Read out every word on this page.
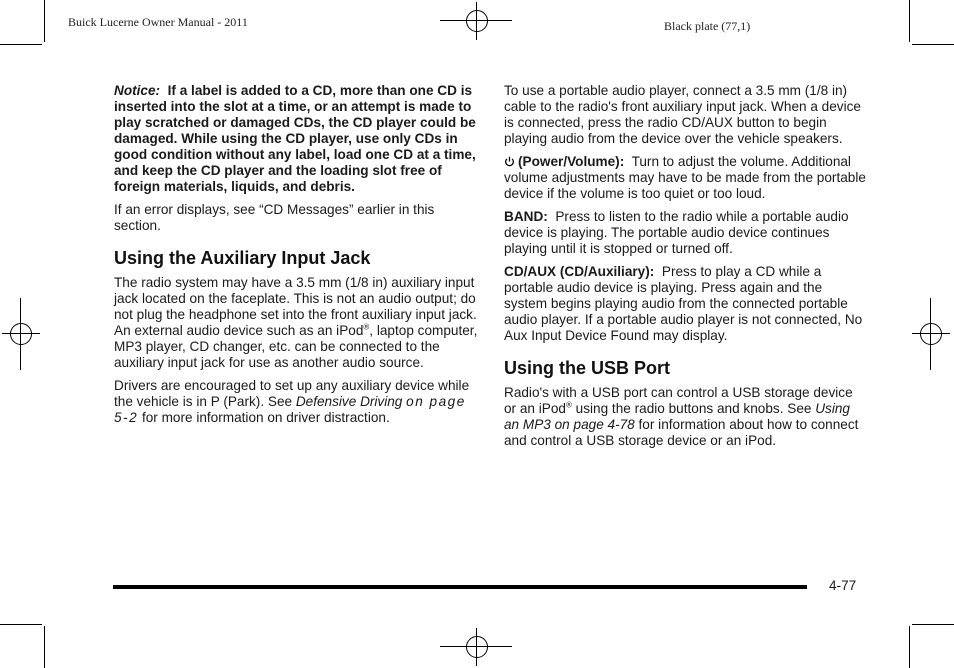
Buick Lucerne Owner Manual - 2011	Black plate (77,1)

Notice: If a label is added to a CD, more than one CD is inserted into the slot at a time, or an attempt is made to play scratched or damaged CDs, the CD player could be damaged. While using the CD player, use only CDs in good condition without any label, load one CD at a time, and keep the CD player and the loading slot free of foreign materials, liquids, and debris.

If an error displays, see “CD Messages” earlier in this section.

Using the Auxiliary Input Jack

The radio system may have a 3.5 mm (1/8 in) auxiliary input jack located on the faceplate. This is not an audio output; do not plug the headphone set into the front auxiliary input jack. An external audio device such as an iPod®, laptop computer, MP3 player, CD changer, etc. can be connected to the auxiliary input jack for use as another audio source.

Drivers are encouraged to set up any auxiliary device while the vehicle is in P (Park). See Defensive Driving on page 5-2 for more information on driver distraction.

To use a portable audio player, connect a 3.5 mm (1/8 in) cable to the radio's front auxiliary input jack. When a device is connected, press the radio CD/AUX button to begin playing audio from the device over the vehicle speakers.

(Power/Volume): Turn to adjust the volume. Additional volume adjustments may have to be made from the portable device if the volume is too quiet or too loud.

BAND: Press to listen to the radio while a portable audio device is playing. The portable audio device continues playing until it is stopped or turned off.

CD/AUX (CD/Auxiliary): Press to play a CD while a portable audio device is playing. Press again and the system begins playing audio from the connected portable audio player. If a portable audio player is not connected, No Aux Input Device Found may display.

Using the USB Port

Radio's with a USB port can control a USB storage device or an iPod® using the radio buttons and knobs. See Using an MP3 on page 4-78 for information about how to connect and control a USB storage device or an iPod.

4-77
